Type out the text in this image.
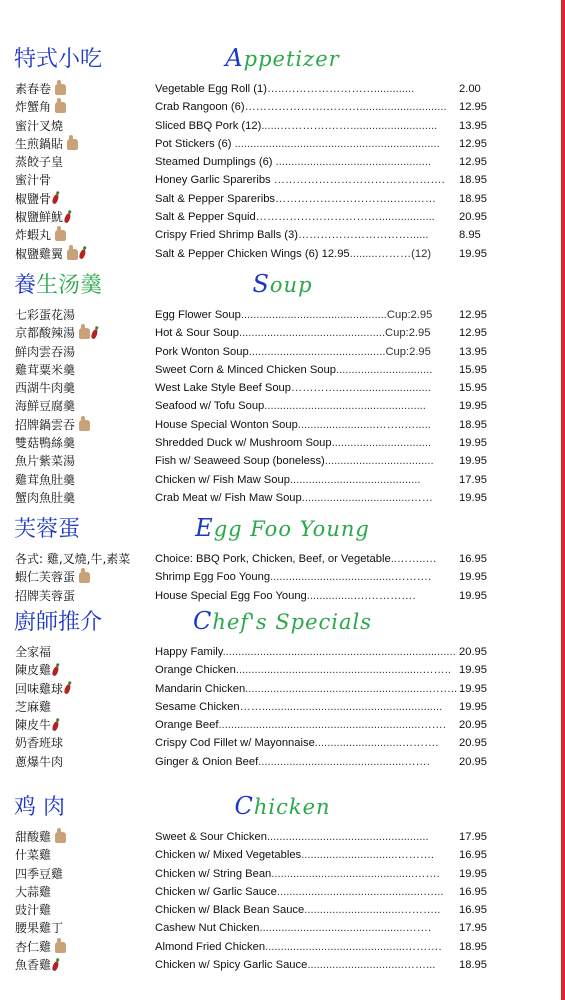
特式小吃	Appetizer
素春卷	Vegetable Egg Roll (1)…..…………………….............	2.00
炸蟹角	Crab Rangoon (6)………………….………............................ 12.95
蜜汁叉燒	Sliced BBQ Pork (12)......………….……............................ 13.95
生煎鍋貼	Pot Stickers (6) .................................................................. 12.95
蒸餃子皇	Steamed Dumplings (6) .................................................. 12.95
蜜汁骨	Honey Garlic Spareribs ………………………………………. 18.95
椒鹽骨	Salt & Pepper Spareribs…………………………..…...…… 18.95
椒鹽鮮魷	Salt & Pepper Squid…………………………….................. 20.95
炸蝦丸	Crispy Fried Shrimp Balls (3)…………………………......	8.95
椒鹽雞翼	Salt & Pepper Chicken Wings (6) 12.95.........………(12) 19.95
養生汤羹	Soup
七彩蛋花湯	Egg Flower Soup...............................................Cup:2.95 12.95
京都酸辣湯	Hot & Sour Soup...............................................Cup:2.95	12.95
鮮肉雲吞湯	Pork Wonton Soup............................................Cup:2.95	13.95
雞茸粟米羹	Sweet Corn & Minced Chicken Soup............................... 15.95
西湖牛肉羹	West Lake Style Beef Soup…………...…........................	15.95
海鮮豆腐羹	Seafood w/ Tofu Soup....................................................	19.95
招牌鍋雲吞	House Special Wonton Soup.........................……..….....	18.95
雙菇鴨絲羹	Shredded Duck w/ Mushroom Soup................................ 19.95
魚片紫菜湯	Fish w/ Seaweed Soup (boneless)................................... 19.95
雞茸魚肚羹	Chicken w/ Fish Maw Soup..........................................	17.95
蟹肉魚肚羹	Crab Meat w/ Fish Maw Soup...................................…… 19.95
芙蓉蛋	Egg Foo Young
各式: 雞,叉燒,牛,素菜 Choice: BBQ Pork, Chicken, Beef, or Vegetable..……..… 16.95
蝦仁芙蓉蛋	Shrimp Egg Foo Young........................................………. 19.95
招牌芙蓉蛋	House Special Egg Foo Young...............….………….	19.95
廚師推介	Chef's Specials
全家福	Happy Family........................................................................... 20.95
陳皮雞	Orange Chicken............................................................…….. 19.95
回味雞球	Mandarin Chicken...........................................................…….. 19.95
芝麻雞	Sesame Chicken…….......................................................... 19.95
陳皮牛	Orange Beef.................................................................……. 20.95
奶香班球	Crispy Cod Fillet w/ Mayonnaise............................………. 20.95
蔥爆牛肉	Ginger & Onion Beef...............................................…….	20.95
鸡 肉	Chicken
甜酸雞	Sweet & Sour Chicken....................................................	17.95
什菜雞	Chicken w/ Mixed Vegetables...............................………. 16.95
四季豆雞	Chicken w/ String Bean..............................................……. 19.95
大蒜雞	Chicken w/ Garlic Sauce...............................................…... 16.95
豉汁雞	Chicken w/ Black Bean Sauce...............................……….. 16.95
腰果雞丁	Cashew Nut Chicken...............................................……. 17.95
杏仁雞	Almond Fried Chicken.............................................………. 18.95
魚香雞	Chicken w/ Spicy Garlic Sauce...............................……... 18.95
